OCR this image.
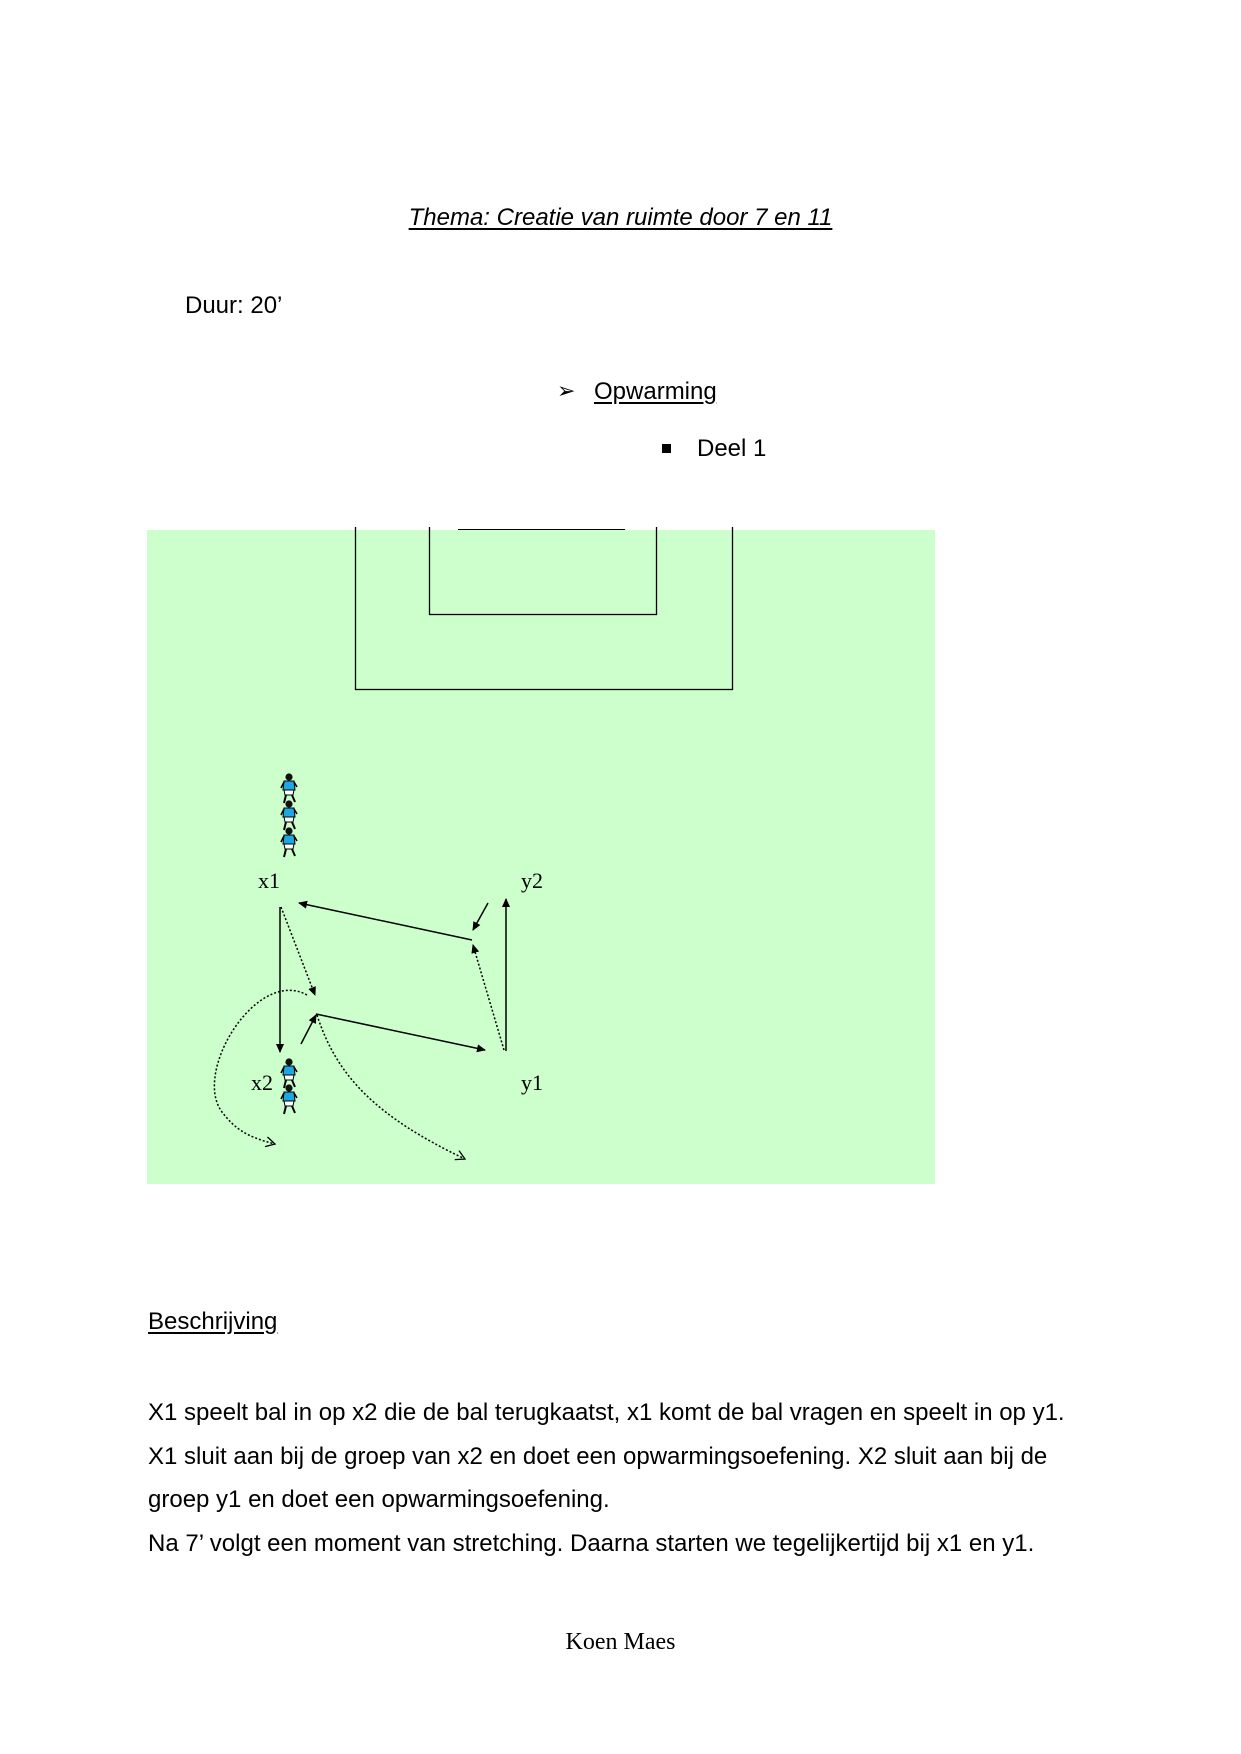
Thema: Creatie van ruimte door 7 en 11
Duur: 20’
➢ Opwarming
Deel 1
x1
x2
y2
y1
Beschrijving

X1 speelt bal in op x2 die de bal terugkaatst, x1 komt de bal vragen en speelt in op y1.

X1 sluit aan bij de groep van x2 en doet een opwarmingsoefening. X2 sluit aan bij de groep y1 en doet een opwarmingsoefening.

Na 7’ volgt een moment van stretching. Daarna starten we tegelijkertijd bij x1 en y1.

Koen Maes
